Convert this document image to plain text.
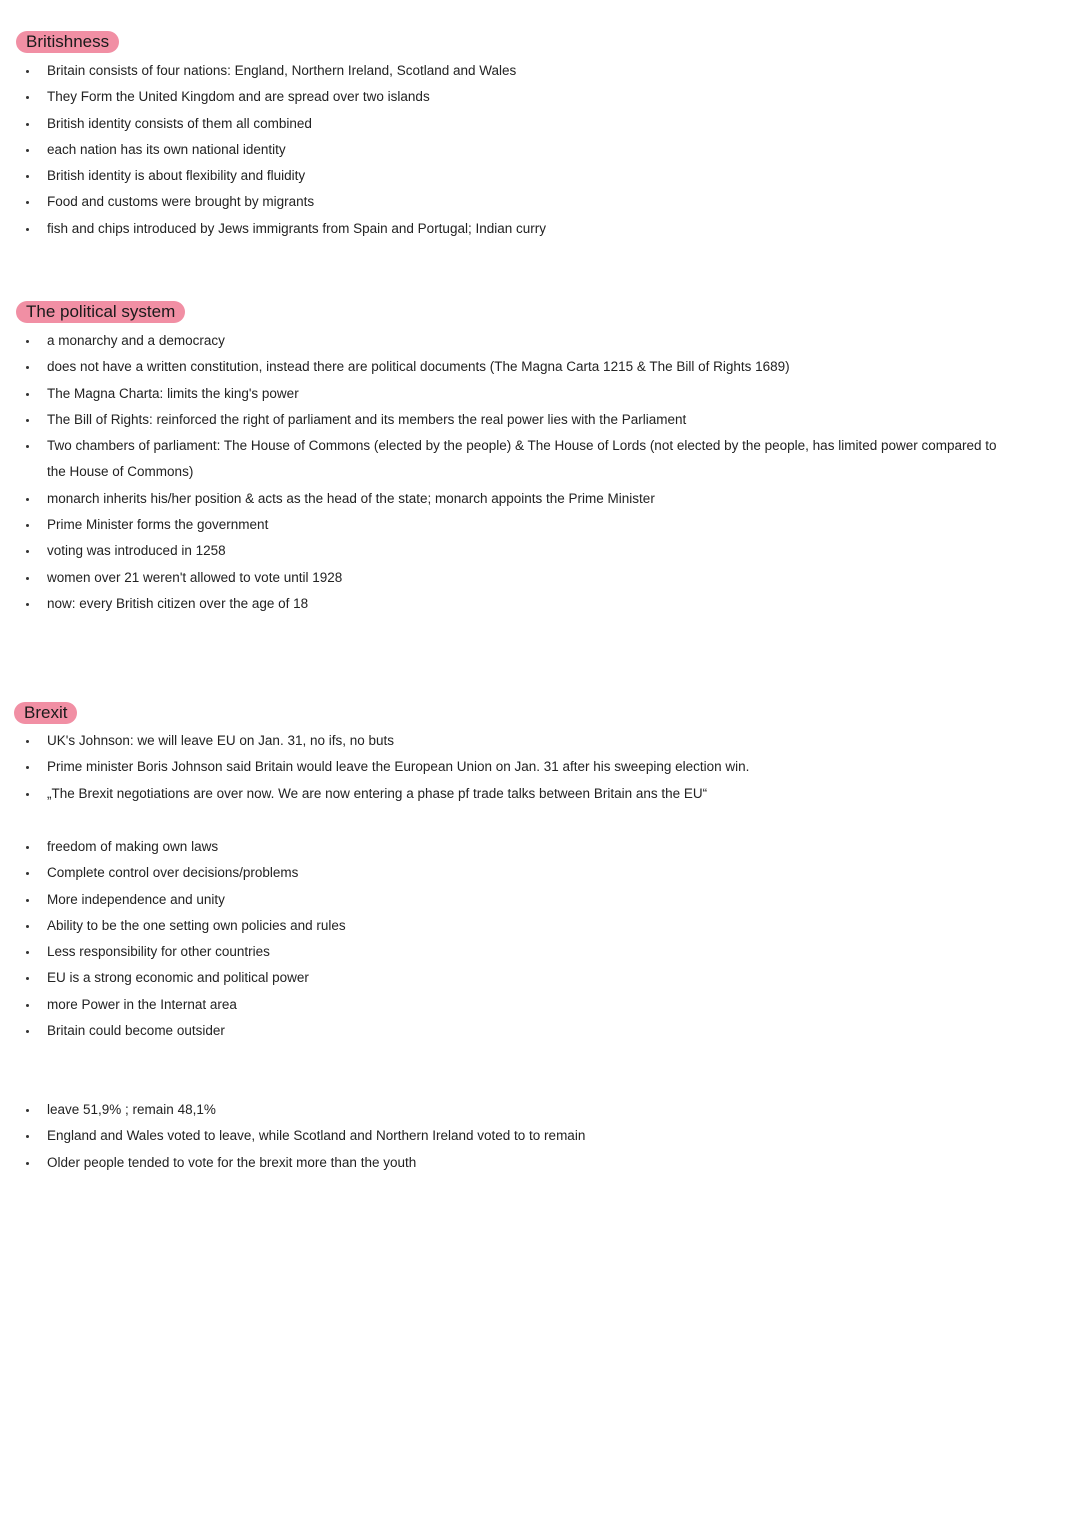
Britishness
Britain consists of four nations: England, Northern Ireland, Scotland and Wales
They Form the United Kingdom and are spread over two islands
British identity consists of them all combined
each nation has its own national identity
British identity is about flexibility and fluidity
Food and customs were brought by migrants
fish and chips introduced by Jews immigrants from Spain and Portugal; Indian curry
The political system
a monarchy and a democracy
does not have a written constitution, instead there are political documents (The Magna Carta 1215 & The Bill of Rights 1689)
The Magna Charta: limits the king's power
The Bill of Rights: reinforced the right of parliament and its members the real power lies with the Parliament
Two chambers of parliament: The House of Commons (elected by the people) & The House of Lords (not elected by the people, has limited power compared to the House of Commons)
monarch inherits his/her position & acts as the head of the state; monarch appoints the Prime Minister
Prime Minister forms the government
voting was introduced in 1258
women over 21 weren't allowed to vote until 1928
now: every British citizen over the age of 18
Brexit
UK's Johnson: we will leave EU on Jan. 31, no ifs, no buts
Prime minister Boris Johnson said Britain would leave the European Union on Jan. 31 after his sweeping election win.
„The Brexit negotiations are over now. We are now entering a phase pf trade talks between Britain ans the EU“
freedom of making own laws
Complete control over decisions/problems
More independence and unity
Ability to be the one setting own policies and rules
Less responsibility for other countries
EU is a strong economic and political power
more Power in the Internat area
Britain could become outsider
leave 51,9% ; remain 48,1%
England and Wales voted to leave, while Scotland and Northern Ireland voted to to remain
Older people tended to vote for the brexit more than the youth
